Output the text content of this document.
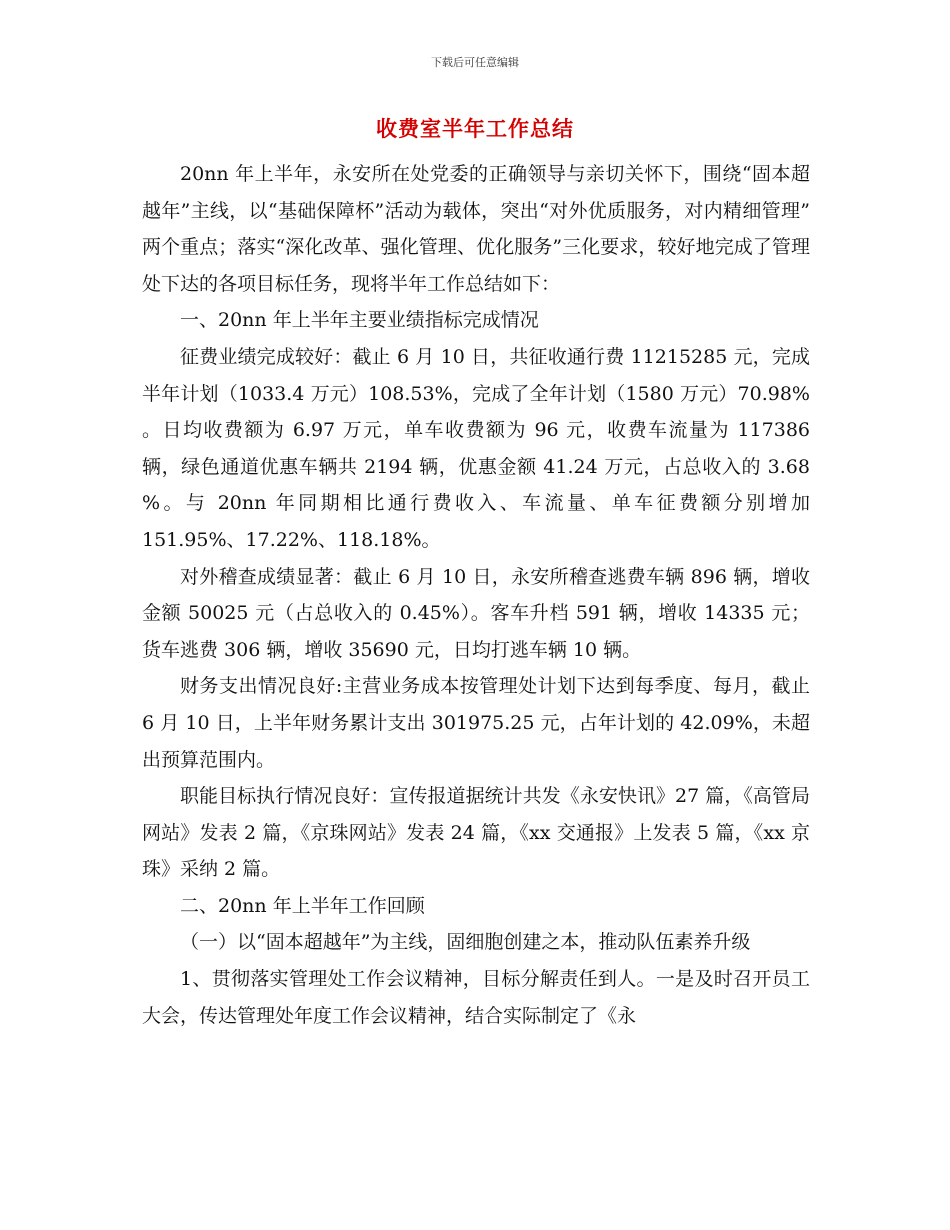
下载后可任意编辑
收费室半年工作总结

20nn 年上半年，永安所在处党委的正确领导与亲切关怀下，围绕“固本超越年”主线，以“基础保障杯”活动为载体，突出“对外优质服务，对内精细管理” 两个重点；落实“深化改革、强化管理、优化服务”三化要求，较好地完成了管理处下达的各项目标任务，现将半年工作总结如下：

一、20nn 年上半年主要业绩指标完成情况

征费业绩完成较好：截止 6 月 10 日，共征收通行费 11215285 元，完成半年计划（1033.4 万元）108.53%，完成了全年计划（1580 万元）70.98% 。日均收费额为 6.97 万元，单车收费额为 96 元，收费车流量为 117386 辆，绿色通道优惠车辆共 2194 辆，优惠金额 41.24 万元，占总收入的 3.68 %。与 20nn 年同期相比通行费收入、车流量、单车征费额分别增加 151.95%、17.22%、118.18%。

对外稽查成绩显著：截止 6 月 10 日，永安所稽查逃费车辆 896 辆，增收金额 50025 元（占总收入的 0.45%）。客车升档 591 辆，增收 14335 元；货车逃费 306 辆，增收 35690 元，日均打逃车辆 10 辆。

财务支出情况良好:主营业务成本按管理处计划下达到每季度、每月，截止 6 月 10 日，上半年财务累计支出 301975.25 元，占年计划的 42.09%，未超出预算范围内。

职能目标执行情况良好：宣传报道据统计共发《永安快讯》27 篇，《高管局网站》发表 2 篇，《京珠网站》发表 24 篇，《xx 交通报》上发表 5 篇，《xx 京珠》采纳 2 篇。

二、20nn 年上半年工作回顾

（一）以“固本超越年”为主线，固细胞创建之本，推动队伍素养升级

1、贯彻落实管理处工作会议精神，目标分解责任到人。一是及时召开员工大会，传达管理处年度工作会议精神，结合实际制定了《永
